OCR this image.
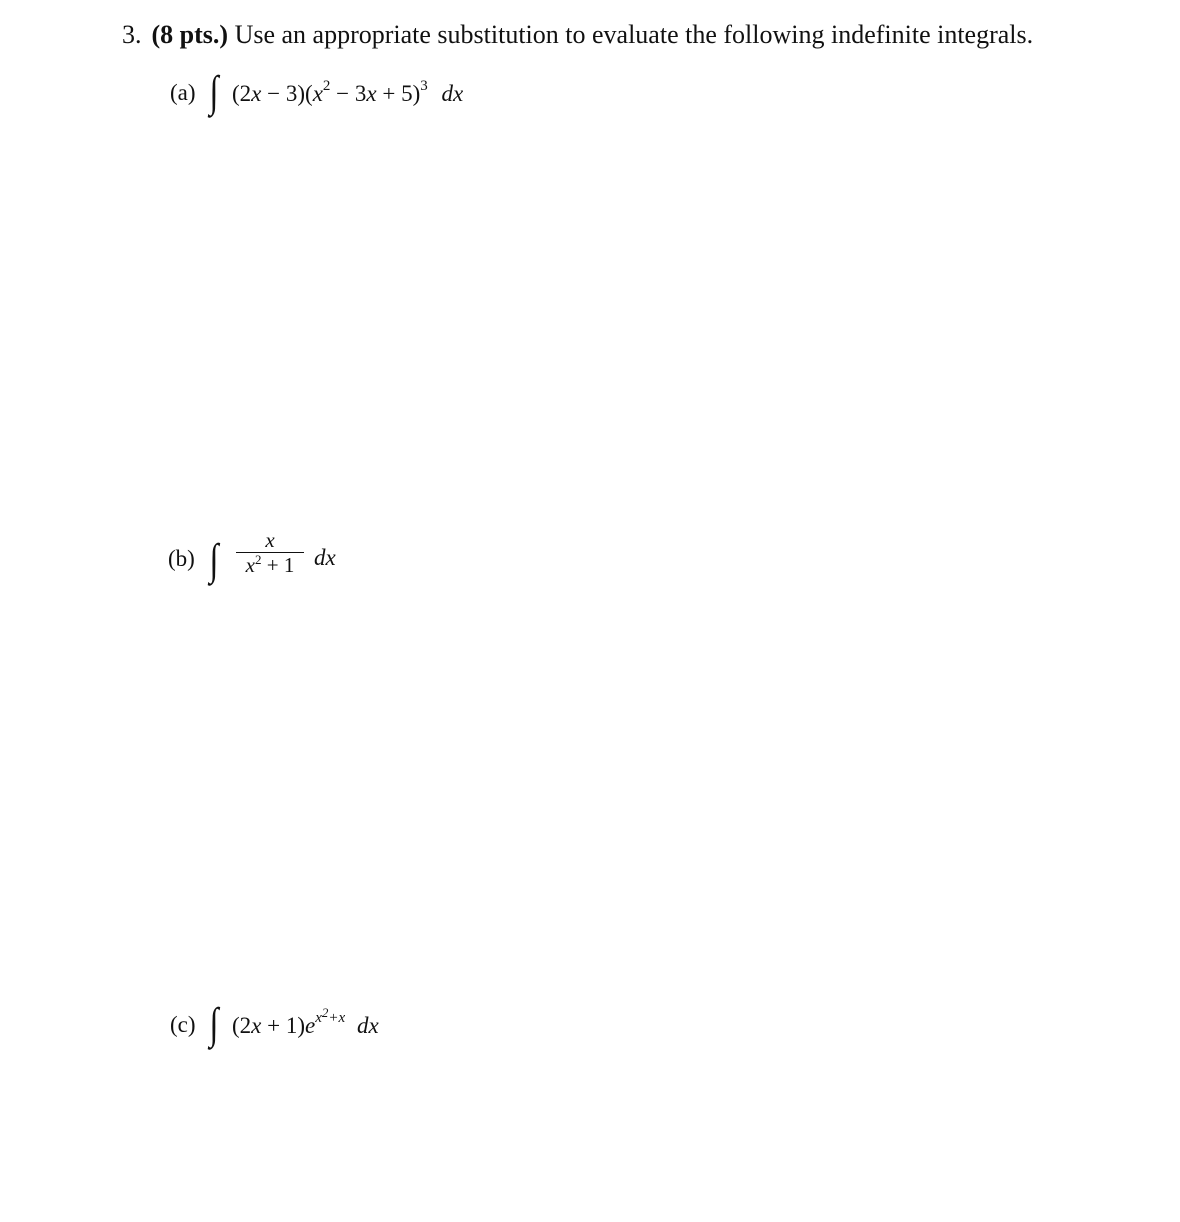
3. (8 pts.) Use an appropriate substitution to evaluate the following indefinite integrals.
(a) ∫ $(2x - 3)(x^2 - 3x + 5)^3$ dx
(b) ∫ $\frac{x}{x^2 + 1}$ dx
(c) ∫ $(2x + 1)e^{x2+x}$ dx
